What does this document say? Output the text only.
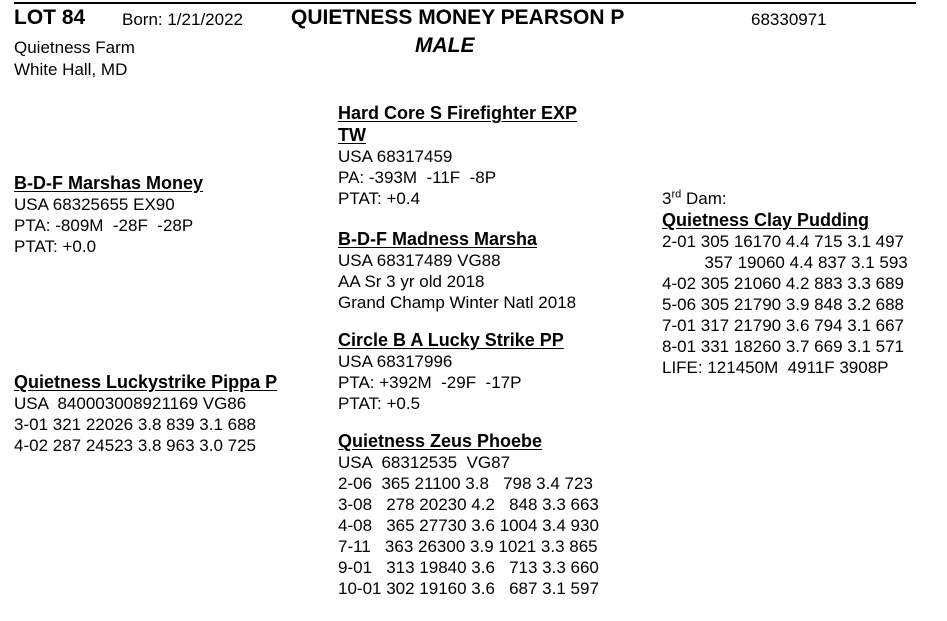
LOT 84 Born: 1/21/2022 QUIETNESS MONEY PEARSON P	68330971
MALE
Quietness Farm
White Hall, MD
B-D-F Marshas Money
USA 68325655 EX90
PTA: -809M  -28F  -28P
PTAT: +0.0
Quietness Luckystrike Pippa P
USA  840003008921169 VG86
3-01 321 22026 3.8 839 3.1 688
4-02 287 24523 3.8 963 3.0 725
Hard Core S Firefighter EXP
TW
USA 68317459
PA: -393M  -11F  -8P
PTAT: +0.4
B-D-F Madness Marsha
USA 68317489 VG88
AA Sr 3 yr old 2018
Grand Champ Winter Natl 2018
Circle B A Lucky Strike PP
USA 68317996
PTA: +392M  -29F  -17P
PTAT: +0.5
Quietness Zeus Phoebe
USA  68312535  VG87
2-06  365 21100 3.8   798 3.4 723
3-08   278 20230 4.2   848 3.3 663
4-08   365 27730 3.6 1004 3.4 930
7-11   363 26300 3.9 1021 3.3 865
9-01   313 19840 3.6   713 3.3 660
10-01 302 19160 3.6   687 3.1 597
3rd Dam:
Quietness Clay Pudding
2-01 305 16170 4.4 715 3.1 497
357 19060 4.4 837 3.1 593
4-02 305 21060 4.2 883 3.3 689
5-06 305 21790 3.9 848 3.2 688
7-01 317 21790 3.6 794 3.1 667
8-01 331 18260 3.7 669 3.1 571
LIFE: 121450M  4911F 3908P
